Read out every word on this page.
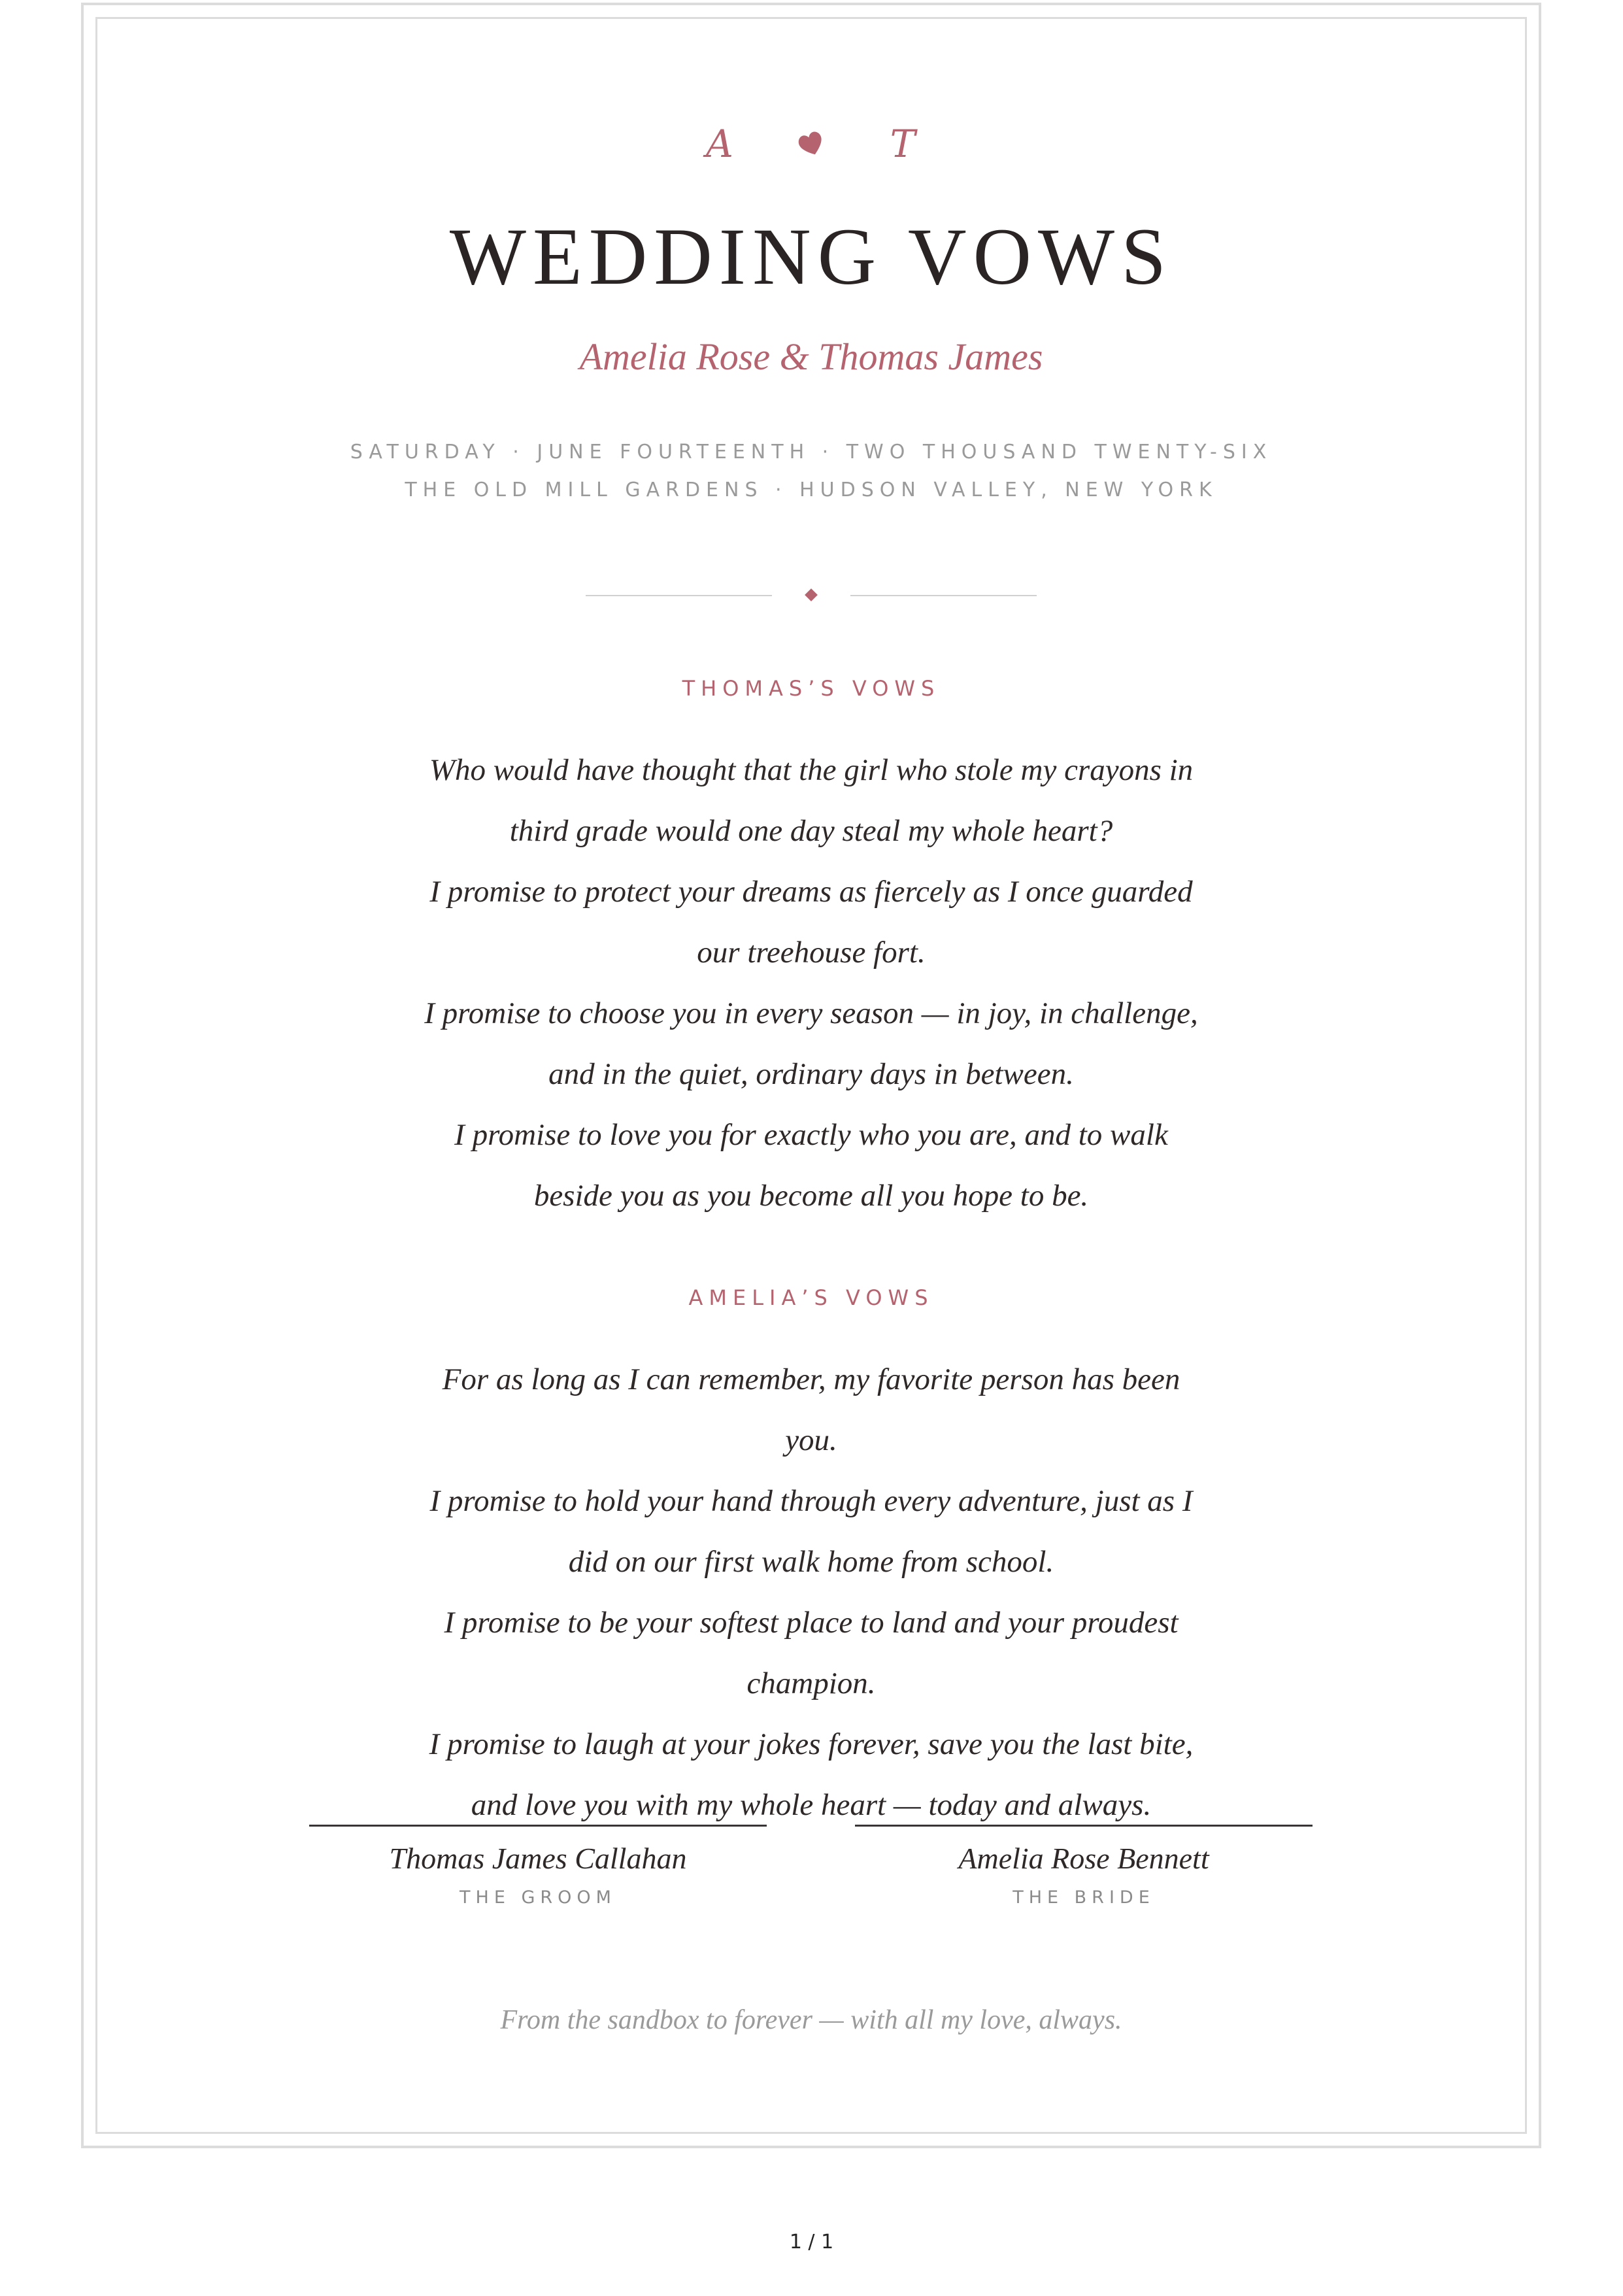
A	T
WEDDING VOWS
Amelia Rose & Thomas James
SATURDAY · JUNE FOURTEENTH · TWO THOUSAND TWENTY-SIX
THE OLD MILL GARDENS · HUDSON VALLEY, NEW YORK
THOMAS’S VOWS

Who would have thought that the girl who stole my crayons in third grade would one day steal my whole heart?

I promise to protect your dreams as fiercely as I once guarded our treehouse fort.

I promise to choose you in every season — in joy, in challenge, and in the quiet, ordinary days in between.

I promise to love you for exactly who you are, and to walk beside you as you become all you hope to be.

AMELIA’S VOWS

For as long as I can remember, my favorite person has been you.

I promise to hold your hand through every adventure, just as I did on our first walk home from school.

I promise to be your softest place to land and your proudest champion.

I promise to laugh at your jokes forever, save you the last bite, and love you with my whole heart — today and always.

Thomas James Callahan
THE GROOM
Amelia Rose Bennett
THE BRIDE
From the sandbox to forever — with all my love, always.
1 / 1
